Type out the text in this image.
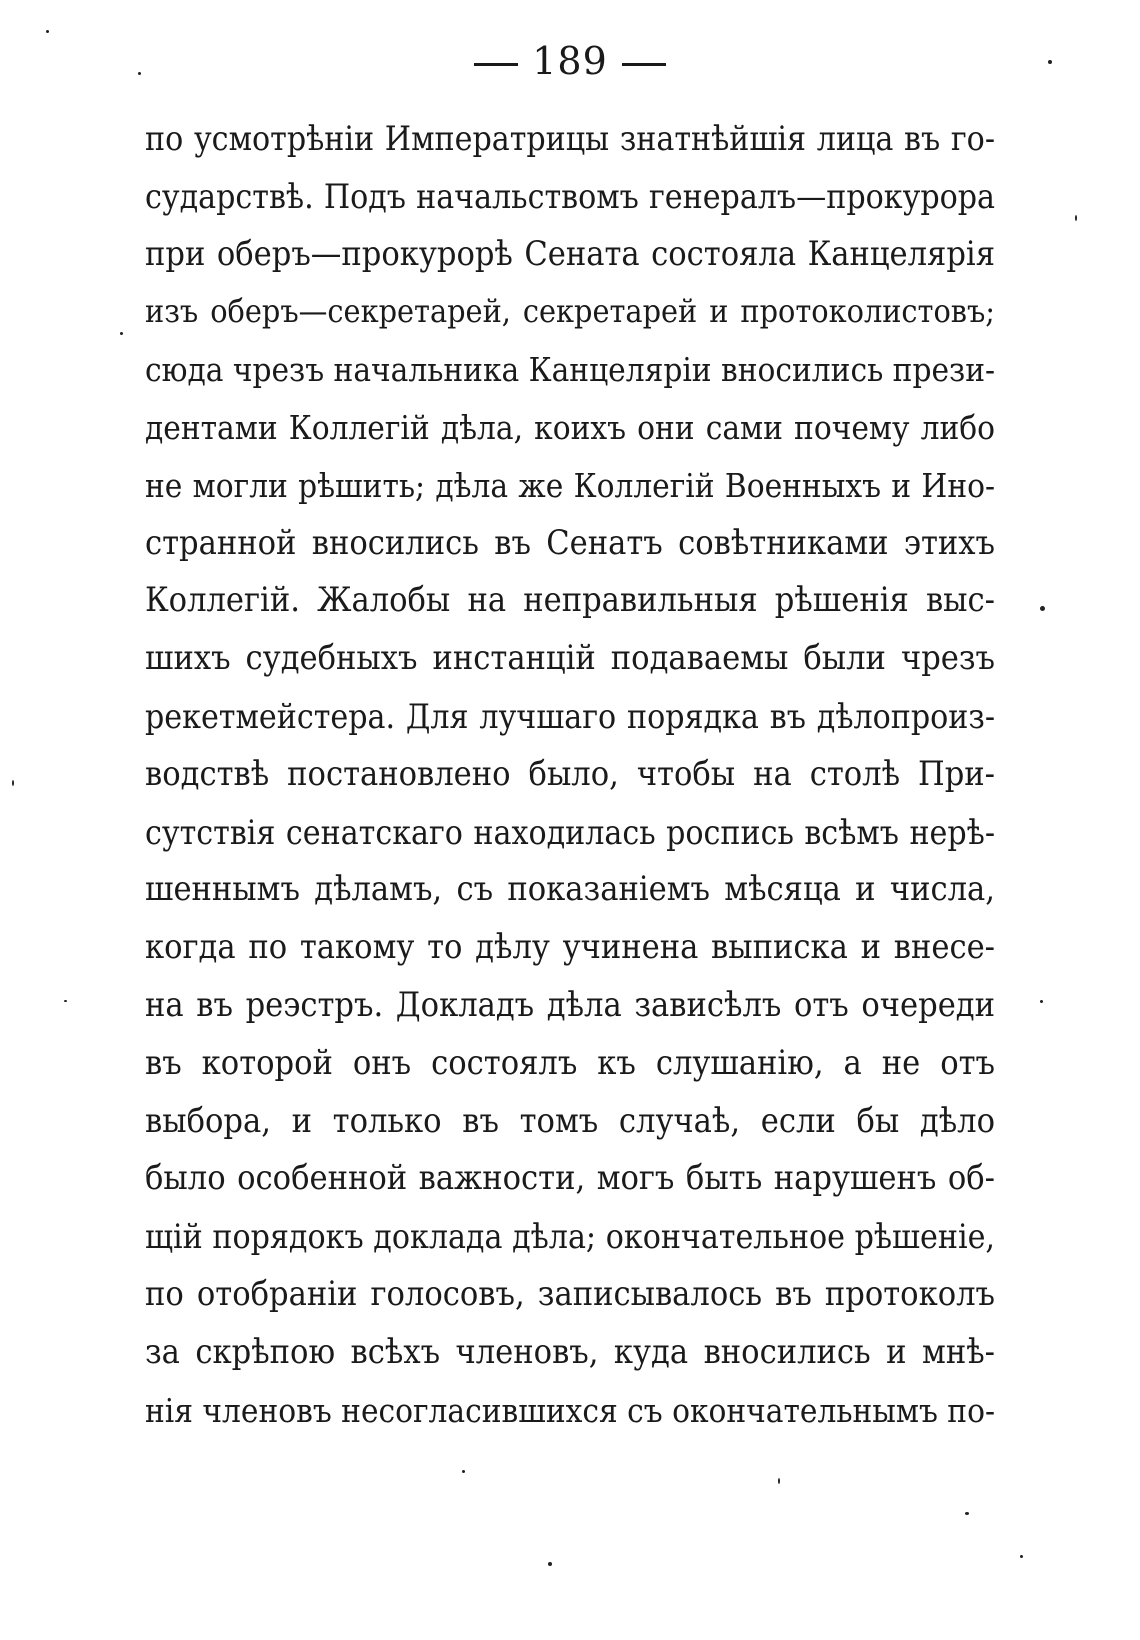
189
по усмотрѣніи Императрицы знатнѣйшія лица въ го-
сударствѣ. Подъ начальствомъ генералъ—прокурора
при оберъ—прокурорѣ Сената состояла Канцелярія
изъ оберъ—секретарей, секретарей и протоколистовъ;
сюда чрезъ начальника Канцеляріи вносились прези-
дентами Коллегій дѣла, коихъ они сами почему либо
не могли рѣшить; дѣла же Коллегій Военныхъ и Ино-
странной вносились въ Сенатъ совѣтниками этихъ
Коллегій. Жалобы на неправильныя рѣшенія выс-
шихъ судебныхъ инстанцій подаваемы были чрезъ
рекетмейстера. Для лучшаго порядка въ дѣлопроиз-
водствѣ постановлено было, чтобы на столѣ При-
сутствія сенатскаго находилась роспись всѣмъ нерѣ-
шеннымъ дѣламъ, съ показаніемъ мѣсяца и числа,
когда по такому то дѣлу учинена выписка и внесе-
на въ реэстръ. Докладъ дѣла зависѣлъ отъ очереди
въ которой онъ состоялъ къ слушанію, а не отъ
выбора, и только въ томъ случаѣ, если бы дѣло
было особенной важности, могъ быть нарушенъ об-
щій порядокъ доклада дѣла; окончательное рѣшеніе,
по отобраніи голосовъ, записывалось въ протоколъ
за скрѣпою всѣхъ членовъ, куда вносились и мнѣ-
нія членовъ несогласившихся съ окончательнымъ по-
